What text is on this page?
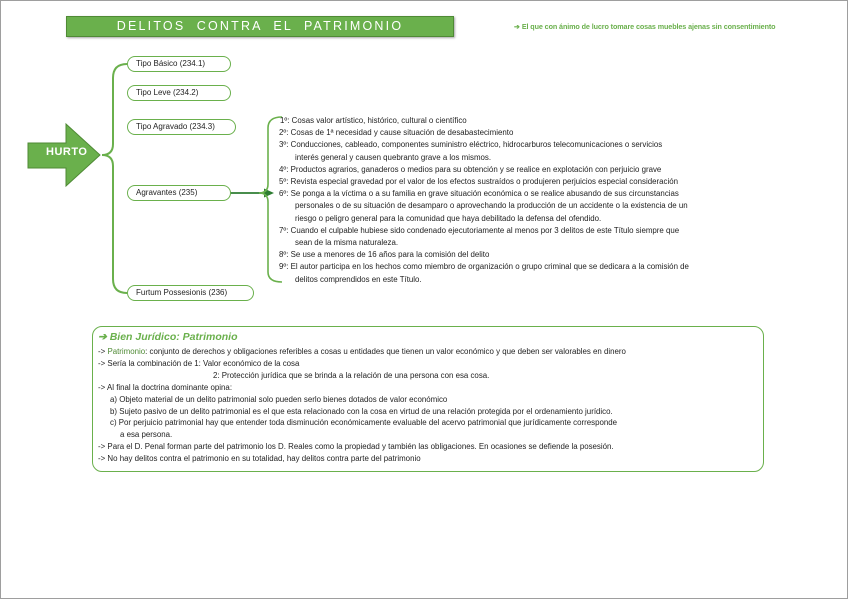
DELITOS  CONTRA  EL  PATRIMONIO	➔ El que con ánimo de lucro tomare cosas muebles ajenas sin consentimiento
HURTO
Tipo Básico (234.1)
Tipo Leve (234.2)
Tipo Agravado (234.3)
Agravantes (235)
Furtum Possesionis (236)
1º:
Cosas valor artístico, histórico, cultural o científico
2º:
Cosas de 1ª necesidad y cause situación de desabastecimiento
3º:
Conducciones, cableado, componentes suministro eléctrico, hidrocarburos telecomunicaciones o servicios
interés general y causen quebranto grave a los mismos.
4º:
Productos agrarios, ganaderos o medios para su obtención y se realice en explotación con perjuicio grave
5º:
Revista especial gravedad por el valor de los efectos sustraídos o produjeren perjuicios especial consideración
6º:
Se ponga a la víctima o a su familia en grave situación económica o se realice abusando de sus circunstancias
personales o de su situación de desamparo o aprovechando la producción de un accidente o la existencia de un
riesgo o peligro general para la comunidad que haya debilitado la defensa del ofendido.
7º:
Cuando el culpable hubiese sido condenado ejecutoriamente al menos por 3 delitos de este Título siempre que
sean de la misma naturaleza.
8º:
Se use a menores de 16 años para la comisión del delito
9º:
El autor participa en los hechos como miembro de organización o grupo criminal que se dedicara a la comisión de
delitos comprendidos en este Título.
➔ Bien Jurídico: Patrimonio
-> Patrimonio: conjunto de derechos y obligaciones referibles a cosas u entidades que tienen un valor económico y que deben ser valorables en dinero
-> Sería la combinación de 1: Valor económico de la cosa
2: Protección jurídica que se brinda a la relación de una persona con esa cosa.
-> Al final la doctrina dominante opina:
a) Objeto material de un delito patrimonial solo pueden serlo bienes dotados de valor económico
b) Sujeto pasivo de un delito patrimonial es el que esta relacionado con la cosa en virtud de una relación protegida por el ordenamiento jurídico.
c) Por perjuicio patrimonial hay que entender toda disminución económicamente evaluable del acervo patrimonial que jurídicamente corresponde
a esa persona.
-> Para el D. Penal forman parte del patrimonio los D. Reales como la propiedad y también las obligaciones. En ocasiones se defiende la posesión.
-> No hay delitos contra el patrimonio en su totalidad, hay delitos contra parte del patrimonio
